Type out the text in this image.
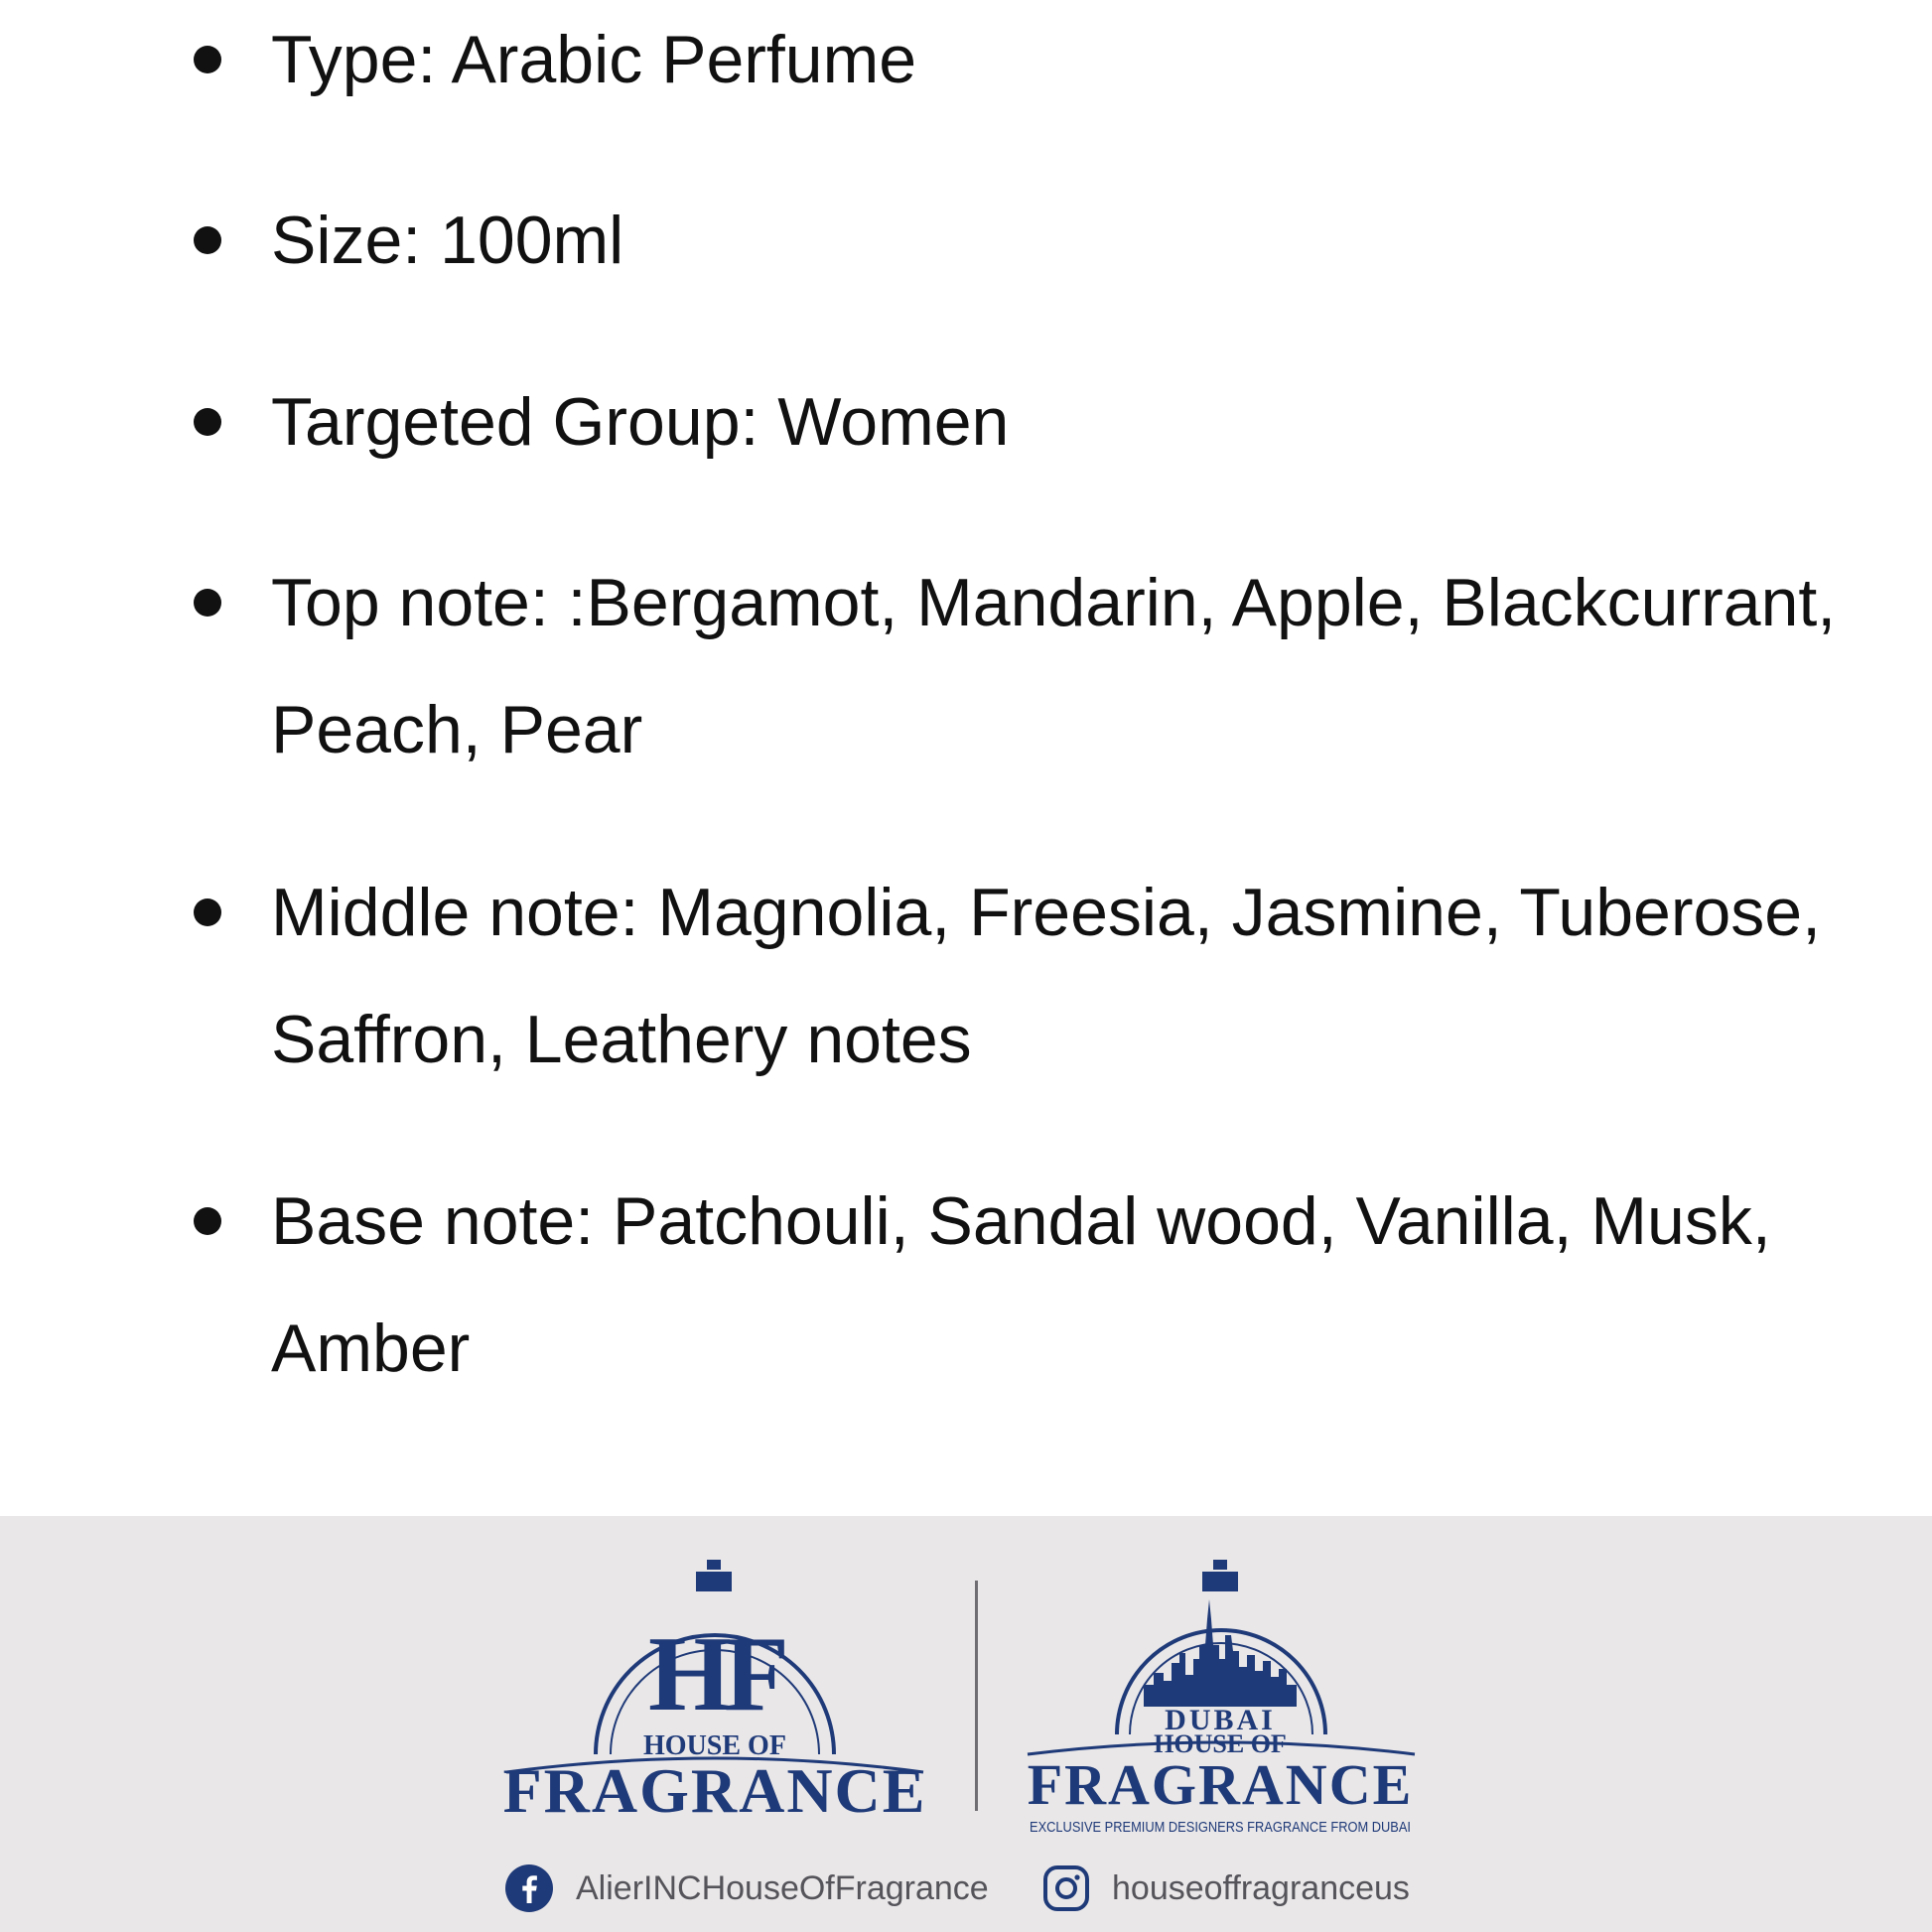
Type: Arabic Perfume
Size: 100ml
Targeted Group: Women
Top note: :Bergamot, Mandarin, Apple, Blackcurrant,
Peach, Pear
Middle note: Magnolia, Freesia, Jasmine, Tuberose,
Saffron, Leathery notes
Base note: Patchouli, Sandal wood, Vanilla, Musk,
Amber
HF
HOUSE OF
FRAGRANCE
DUBAI
HOUSE OF
FRAGRANCE
EXCLUSIVE PREMIUM DESIGNERS FRAGRANCE FROM DUBAI
AlierINCHouseOfFragrance	houseoffragranceus
